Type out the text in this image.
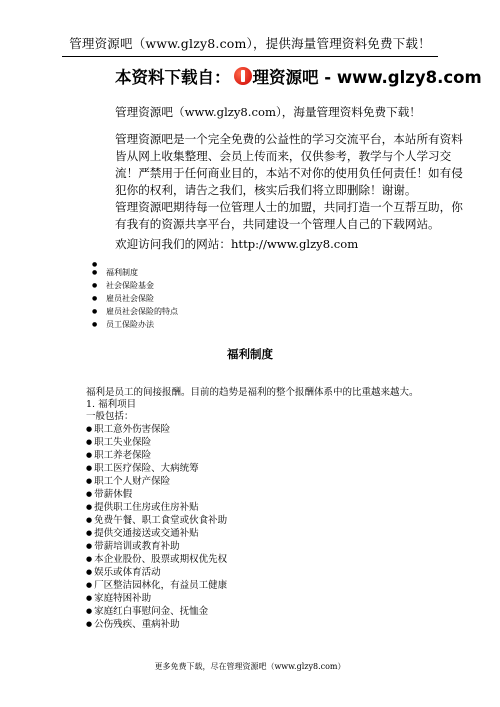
管理资源吧（www.glzy8.com），提供海量管理资料免费下载！
本资料下载自： 理资源吧 - www.glzy8.com

管理资源吧（www.glzy8.com），海量管理资料免费下载！

管理资源吧是一个完全免费的公益性的学习交流平台，本站所有资料皆从网上收集整理、会员上传而来，仅供参考，教学与个人学习交流！严禁用于任何商业目的，本站不对你的使用负任何责任！如有侵犯你的权利，请告之我们，核实后我们将立即删除！谢谢。

管理资源吧期待每一位管理人士的加盟，共同打造一个互帮互助，你有我有的资源共享平台，共同建设一个管理人自己的下载网站。

欢迎访问我们的网站：http://www.glzy8.com

●
● 福利制度
● 社会保险基金
● 雇员社会保险
● 雇员社会保险的特点
● 员工保险办法
福利制度
福利是员工的间接报酬。目前的趋势是福利的整个报酬体系中的比重越来越大。
1. 福利项目
一般包括：
● 职工意外伤害保险
● 职工失业保险
● 职工养老保险
● 职工医疗保险、大病统筹
● 职工个人财产保险
● 带薪休假
● 提供职工住房或住房补贴
● 免费午餐、职工食堂或伙食补助
● 提供交通接送或交通补贴
● 带薪培训或教育补助
● 本企业股份、股票或期权优先权
● 娱乐或体育活动
● 厂区整洁园林化，有益员工健康
● 家庭特困补助
● 家庭红白事慰问金、抚恤金
● 公伤残疾、重病补助
更多免费下载，尽在管理资源吧（www.glzy8.com）
